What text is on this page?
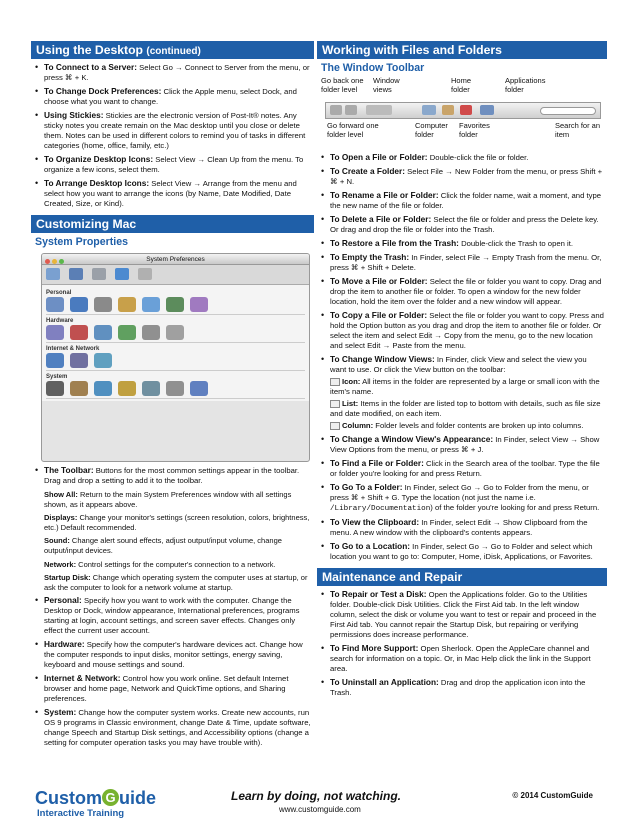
Using the Desktop (continued)
• To Connect to a Server: Select Go → Connect to Server from the menu, or press ⌘ + K.
• To Change Dock Preferences: Click the Apple menu, select Dock, and choose what you want to change.
• Using Stickies: Stickies are the electronic version of Post-It® notes. Any sticky notes you create remain on the Mac desktop until you close or delete them. Notes can be used in different colors to remind you of tasks in different categories (home, office, family, etc.)
• To Organize Desktop Icons: Select View → Clean Up from the menu. To organize a few icons, select them.
• To Arrange Desktop Icons: Select View → Arrange from the menu and select how you want to arrange the icons (by Name, Date Modified, Date Created, Size, or Kind).
Customizing Mac
System Properties
System Preferences
Personal
Hardware
Internet & Network
System
• The Toolbar: Buttons for the most common settings appear in the toolbar. Drag and drop a setting to add it to the toolbar.
Show All: Return to the main System Preferences window with all settings shown, as it appears above.
Displays: Change your monitor's settings (screen resolution, colors, brightness, etc.) Default recommended.
Sound: Change alert sound effects, adjust output/input volume, change output/input devices.
Network: Control settings for the computer's connection to a network.
Startup Disk: Change which operating system the computer uses at startup, or ask the computer to look for a network volume at startup.
• Personal: Specify how you want to work with the computer. Change the Desktop or Dock, window appearance, International preferences, programs starting at login, account settings, and screen saver effects. Changes only effect the current user account.
• Hardware: Specify how the computer's hardware devices act. Change how the computer responds to input disks, monitor settings, energy saving, keyboard and mouse settings and sound.
• Internet & Network: Control how you work online. Set default Internet browser and home page, Network and QuickTime options, and Sharing preferences.
• System: Change how the computer system works. Create new accounts, run OS 9 programs in Classic environment, change Date & Time, update software, change Speech and Startup Disk settings, and Accessibility options (change a setting for computer operation tasks you may have trouble with).
Working with Files and Folders
The Window Toolbar
Go back one folder level
Window views
Home folder
Applications folder
Go forward one folder level
Computer folder
Favorites folder
Search for an item
• To Open a File or Folder: Double-click the file or folder.
• To Create a Folder: Select File → New Folder from the menu, or press Shift + ⌘ + N.
• To Rename a File or Folder: Click the folder name, wait a moment, and type the new name of the file or folder.
• To Delete a File or Folder: Select the file or folder and press the Delete key. Or drag and drop the file or folder into the Trash.
• To Restore a File from the Trash: Double-click the Trash to open it.
• To Empty the Trash: In Finder, select File → Empty Trash from the menu. Or, press ⌘ + Shift + Delete.
• To Move a File or Folder: Select the file or folder you want to copy. Drag and drop the item to another file or folder. To open a window for the new folder location, hold the item over the folder and a new window will appear.
• To Copy a File or Folder: Select the file or folder you want to copy. Press and hold the Option button as you drag and drop the item to another file or folder. Or select the item and select Edit → Copy from the menu, go to the new location and select Edit → Paste from the menu.
• To Change Window Views: In Finder, click View and select the view you want to use. Or click the View button on the toolbar:
Icon: All items in the folder are represented by a large or small icon with the item's name.
List: Items in the folder are listed top to bottom with details, such as file size and date modified, on each item.
Column: Folder levels and folder contents are broken up into columns.
• To Change a Window View's Appearance: In Finder, select View → Show View Options from the menu, or press ⌘ + J.
• To Find a File or Folder: Click in the Search area of the toolbar. Type the file or folder you're looking for and press Return.
• To Go To a Folder: In Finder, select Go → Go to Folder from the menu, or press ⌘ + Shift + G. Type the location (not just the name i.e. /Library/Documentation) of the folder you're looking for and press Return.
• To View the Clipboard: In Finder, select Edit → Show Clipboard from the menu. A new window with the clipboard's contents appears.
• To Go to a Location: In Finder, select Go → Go to Folder and select which location you want to go to: Computer, Home, iDisk, Applications, or Favorites.
Maintenance and Repair
• To Repair or Test a Disk: Open the Applications folder. Go to the Utilities folder. Double-click Disk Utilities. Click the First Aid tab. In the left window column, select the disk or volume you want to test or repair and proceed in the First Aid tab. You cannot repair the Startup Disk, but repairing or verifying permissions does increase performance.
• To Find More Support: Open Sherlock. Open the AppleCare channel and search for information on a topic. Or, in Mac Help click the link in the Support area.
• To Uninstall an Application: Drag and drop the application icon into the Trash.
Custom G uide
Interactive Training
Learn by doing, not watching.
www.customguide.com
© 2014 CustomGuide
